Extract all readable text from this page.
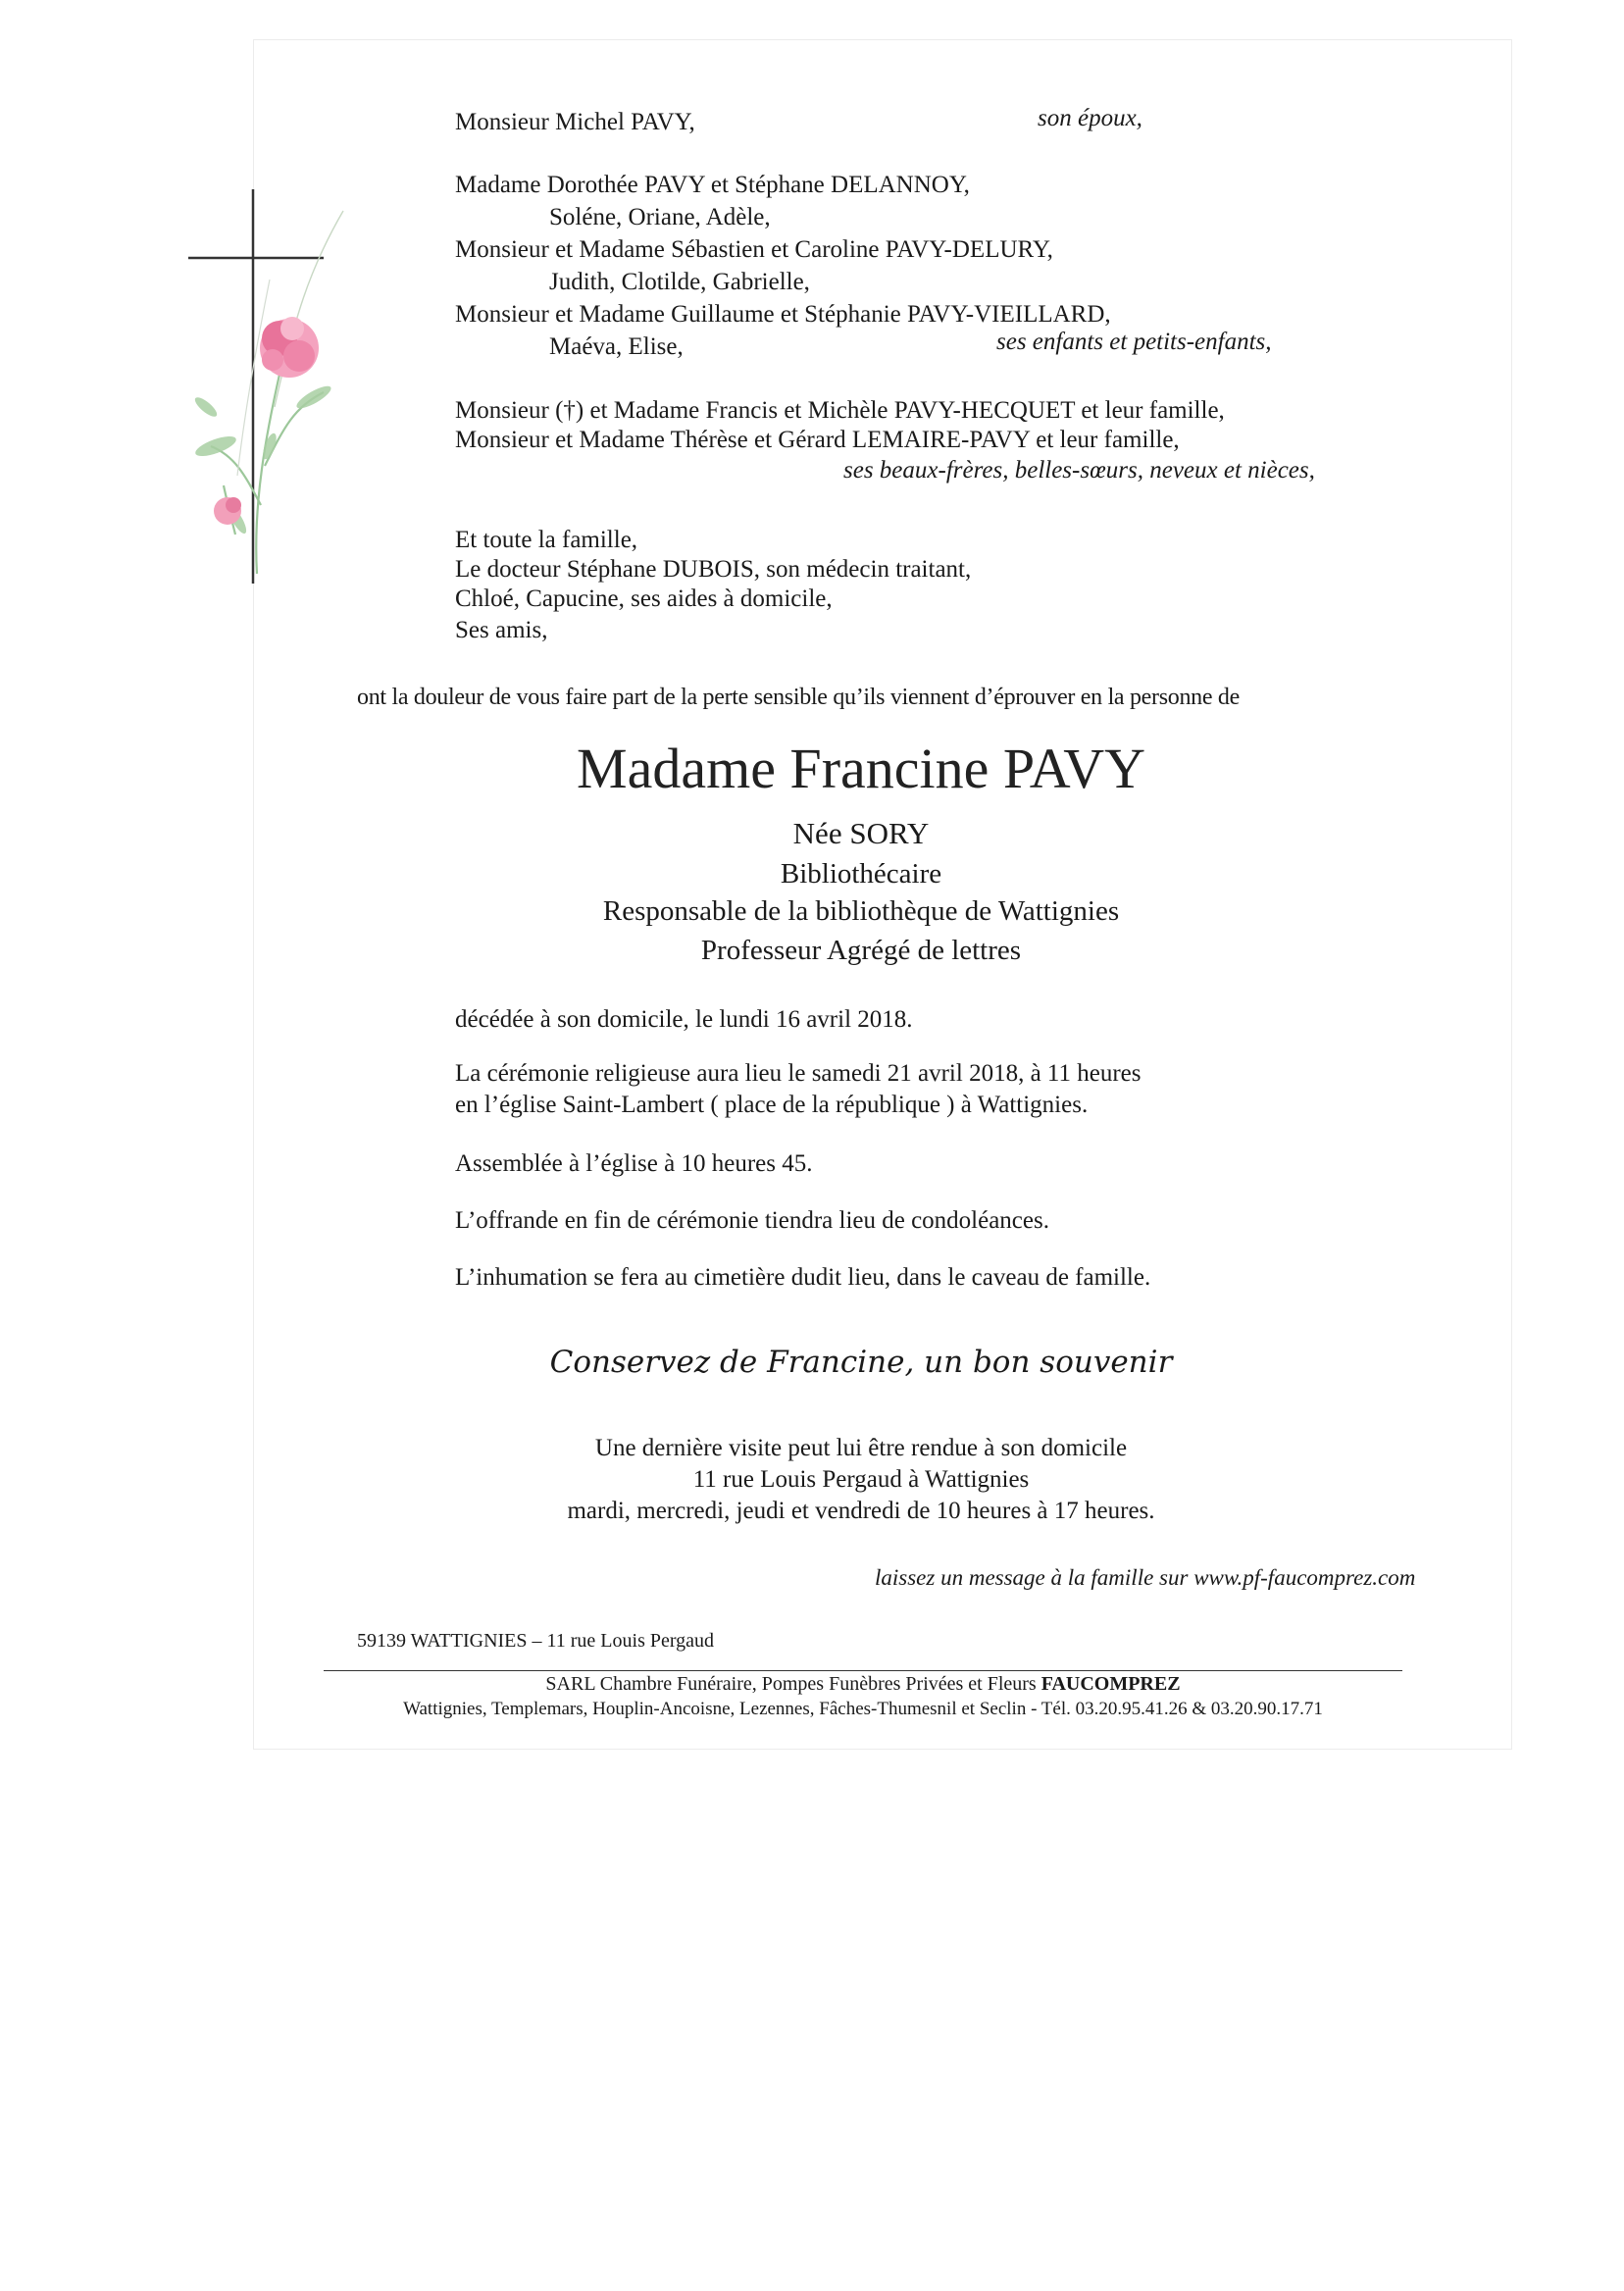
Monsieur Michel PAVY,	son époux,
Madame Dorothée PAVY et Stéphane DELANNOY,
Soléne, Oriane, Adèle,
Monsieur et Madame Sébastien et Caroline PAVY-DELURY,
Judith, Clotilde, Gabrielle,
Monsieur et Madame Guillaume et Stéphanie PAVY-VIEILLARD,
Maéva, Elise,	ses enfants et petits-enfants,
Monsieur (†) et Madame Francis et Michèle PAVY-HECQUET et leur famille,
Monsieur et Madame Thérèse et Gérard LEMAIRE-PAVY et leur famille,
ses beaux-frères, belles-sœurs, neveux et nièces,
Et toute la famille,
Le docteur Stéphane DUBOIS, son médecin traitant,
Chloé, Capucine, ses aides à domicile,
Ses amis,
ont la douleur de vous faire part de la perte sensible qu’ils viennent d’éprouver en la personne de
Madame Francine PAVY
Née SORY
Bibliothécaire
Responsable de la bibliothèque de Wattignies
Professeur Agrégé de lettres
décédée à son domicile, le lundi 16 avril 2018.
La cérémonie religieuse aura lieu le samedi 21 avril 2018, à 11 heures
en l’église Saint-Lambert ( place de la république ) à Wattignies.
Assemblée à l’église à 10 heures 45.
L’offrande en fin de cérémonie tiendra lieu de condoléances.
L’inhumation se fera au cimetière dudit lieu, dans le caveau de famille.
Conservez de Francine, un bon souvenir
Une dernière visite peut lui être rendue à son domicile
11 rue Louis Pergaud à Wattignies
mardi, mercredi, jeudi et vendredi de 10 heures à 17 heures.
laissez un message à la famille sur www.pf-faucomprez.com
59139 WATTIGNIES – 11 rue Louis Pergaud
SARL Chambre Funéraire, Pompes Funèbres Privées et Fleurs FAUCOMPREZ
Wattignies, Templemars, Houplin-Ancoisne, Lezennes, Fâches-Thumesnil et Seclin - Tél. 03.20.95.41.26 & 03.20.90.17.71
